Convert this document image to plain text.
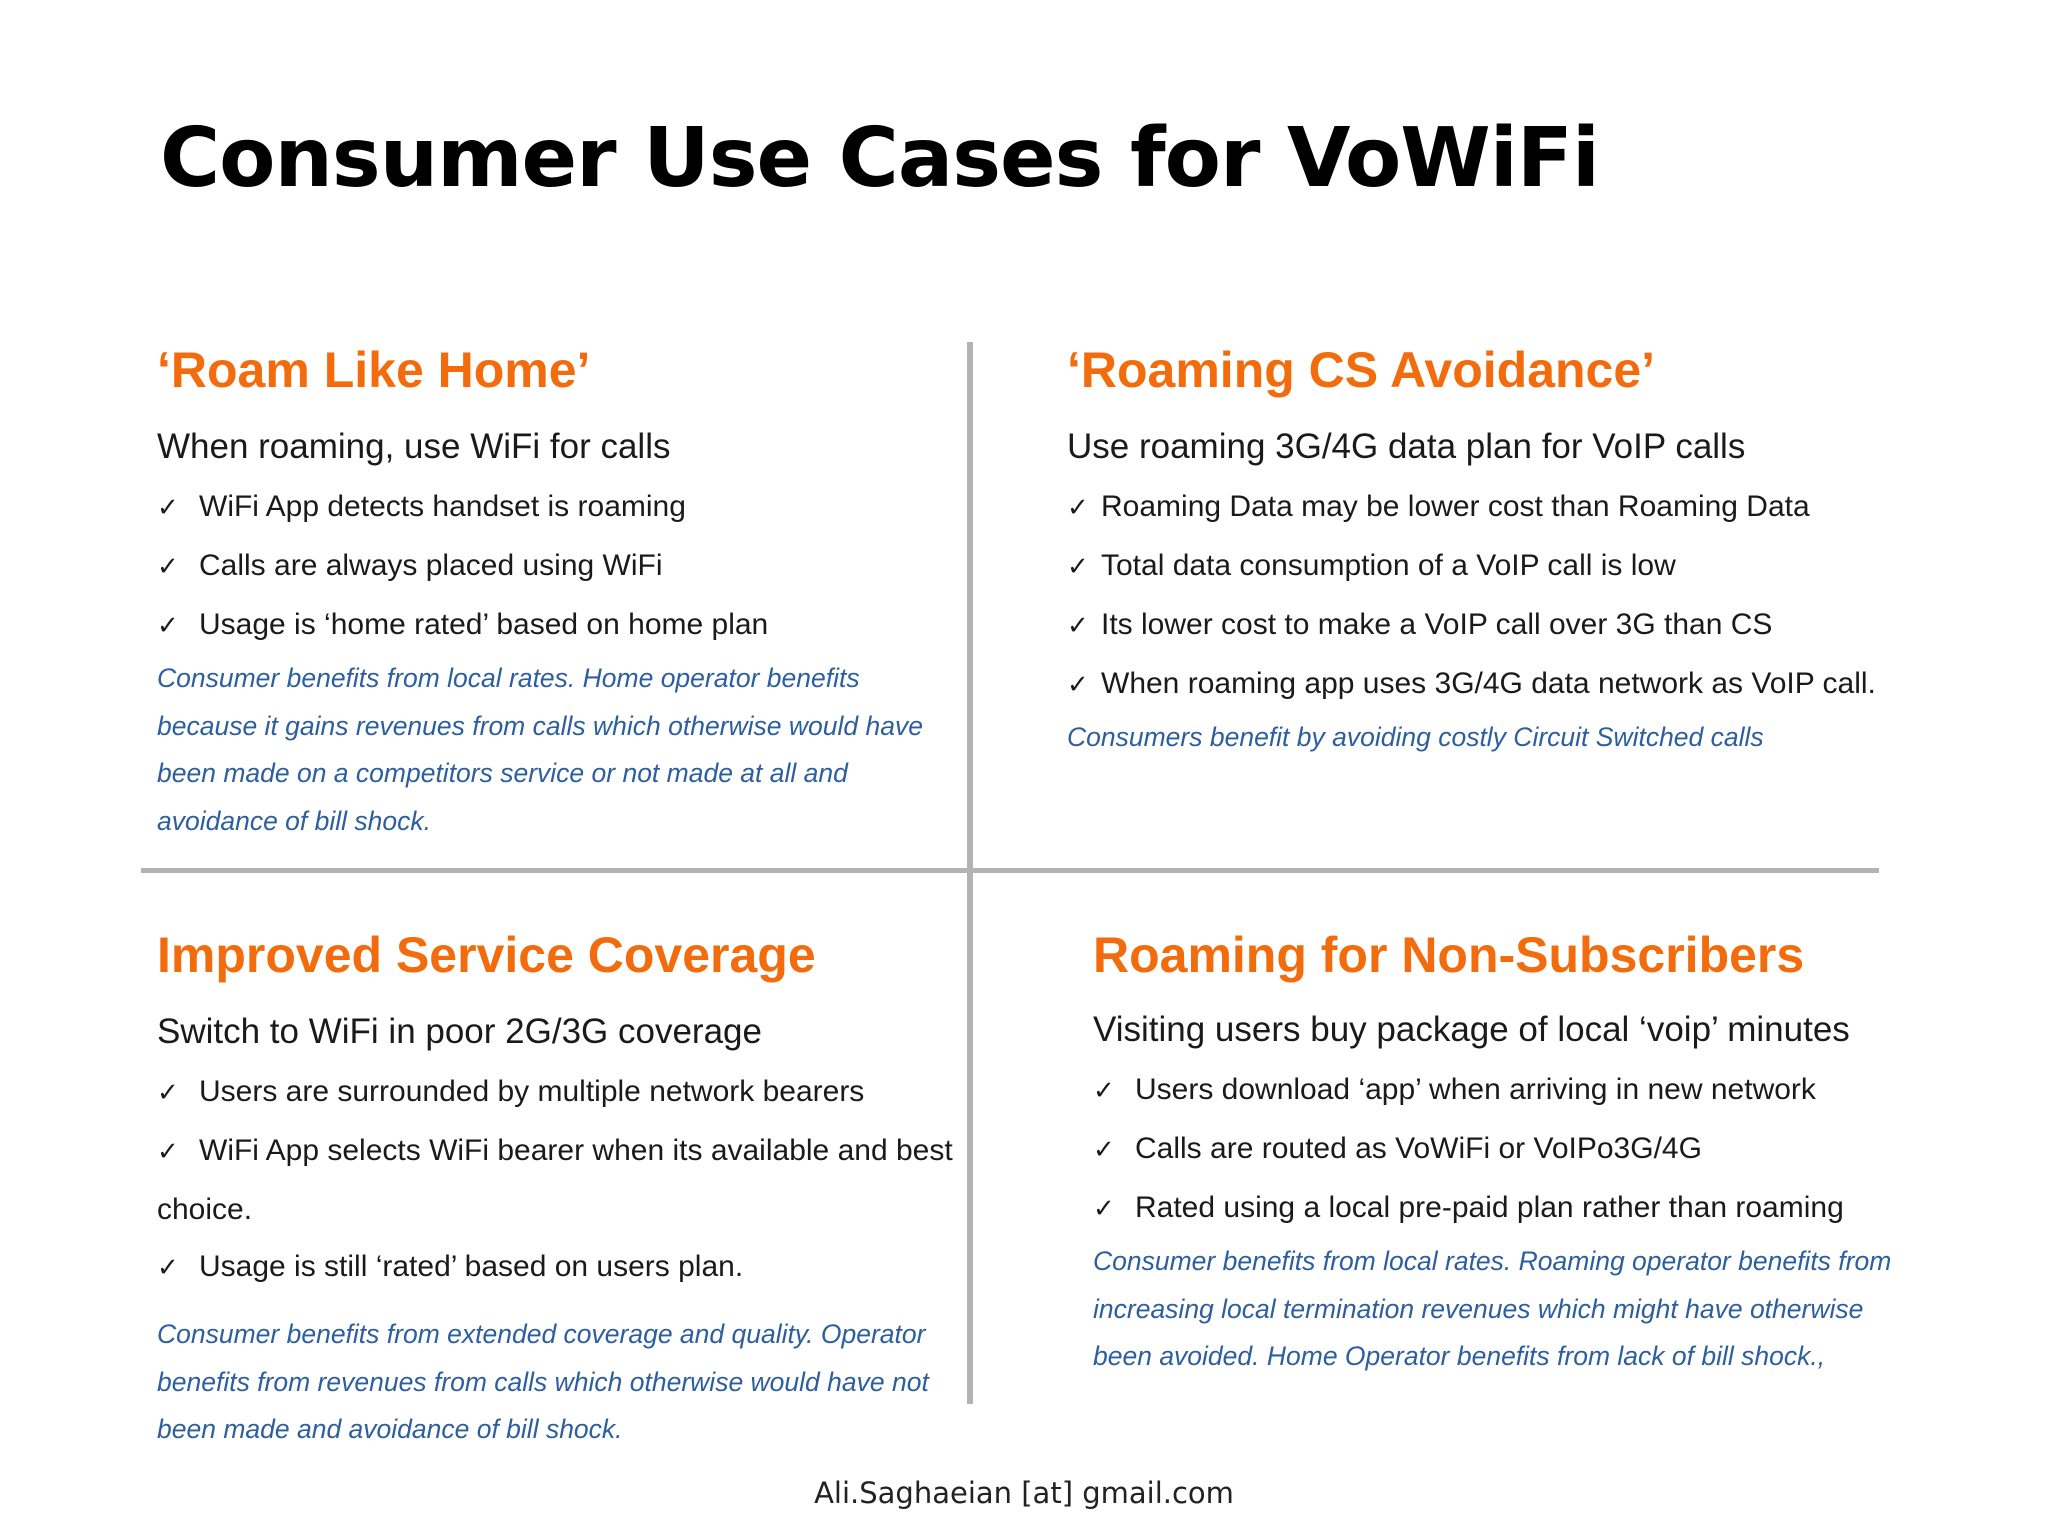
Consumer Use Cases for VoWiFi
‘Roam Like Home’

When roaming, use WiFi for calls

✓ WiFi App detects handset is roaming
✓ Calls are always placed using WiFi
✓ Usage is ‘home rated’ based on home plan

Consumer benefits from local rates. Home operator benefits because it gains revenues from calls which otherwise would have been made on a competitors service or not made at all and avoidance of bill shock.

‘Roaming CS Avoidance’

Use roaming 3G/4G data plan for VoIP calls

✓ Roaming Data may be lower cost than Roaming Data
✓ Total data consumption of a VoIP call is low
✓ Its lower cost to make a VoIP call over 3G than CS
✓ When roaming app uses 3G/4G data network as VoIP call.

Consumers benefit by avoiding costly Circuit Switched calls

Improved Service Coverage

Switch to WiFi in poor 2G/3G coverage

✓ Users are surrounded by multiple network bearers
✓ WiFi App selects WiFi bearer when its available and best choice.
✓ Usage is still ‘rated’ based on users plan.

Consumer benefits from extended coverage and quality. Operator benefits from revenues from calls which otherwise would have not been made and avoidance of bill shock.

Roaming for Non-Subscribers

Visiting users buy package of local ‘voip’ minutes

✓ Users download ‘app’ when arriving in new network
✓ Calls are routed as VoWiFi or VoIPo3G/4G
✓ Rated using a local pre-paid plan rather than roaming

Consumer benefits from local rates. Roaming operator benefits from increasing local termination revenues which might have otherwise been avoided. Home Operator benefits from lack of bill shock.,

Ali.Saghaeian [at] gmail.com
